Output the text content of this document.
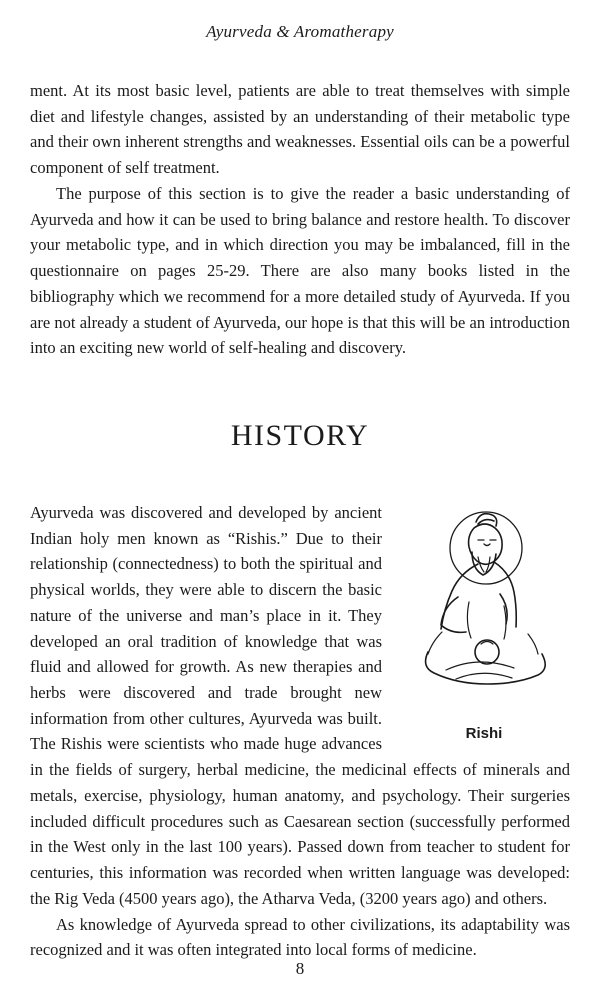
Ayurveda & Aromatherapy

ment. At its most basic level, patients are able to treat themselves with simple diet and lifestyle changes, assisted by an understanding of their metabolic type and their own inherent strengths and weaknesses. Essential oils can be a powerful component of self treatment.

The purpose of this section is to give the reader a basic understanding of Ayurveda and how it can be used to bring balance and restore health. To discover your metabolic type, and in which direction you may be imbalanced, fill in the questionnaire on pages 25-29. There are also many books listed in the bibliography which we recommend for a more detailed study of Ayurveda. If you are not already a student of Ayurveda, our hope is that this will be an introduction into an exciting new world of self-healing and discovery.

HISTORY
Rishi

Ayurveda was discovered and developed by ancient Indian holy men known as “Rishis.” Due to their relationship (connectedness) to both the spiritual and physical worlds, they were able to discern the basic nature of the universe and man’s place in it. They developed an oral tradition of knowledge that was fluid and allowed for growth. As new therapies and herbs were discovered and trade brought new information from other cultures, Ayurveda was built. The Rishis were scientists who made huge advances in the fields of surgery, herbal medicine, the medicinal effects of minerals and metals, exercise, physiology, human anatomy, and psychology. Their surgeries included difficult procedures such as Caesarean section (successfully performed in the West only in the last 100 years). Passed down from teacher to student for centuries, this information was recorded when written language was developed: the Rig Veda (4500 years ago), the Atharva Veda, (3200 years ago) and others.

As knowledge of Ayurveda spread to other civilizations, its adaptability was recognized and it was often integrated into local forms of medicine.

8
